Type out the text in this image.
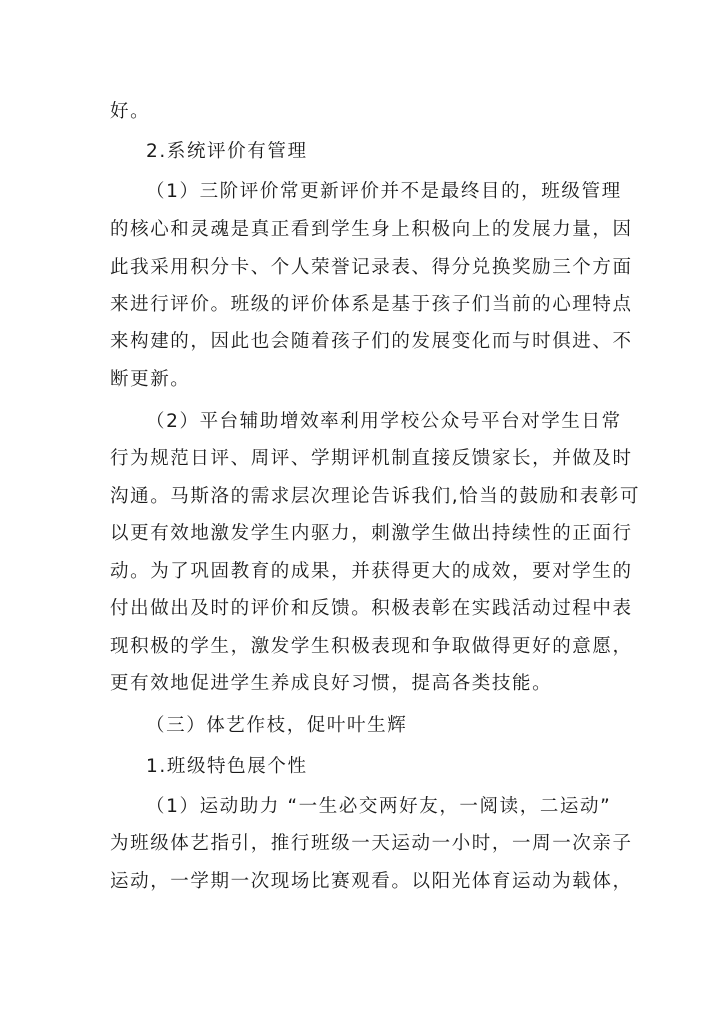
好。
2.系统评价有管理
（1）三阶评价常更新评价并不是最终目的，班级管理
的核心和灵魂是真正看到学生身上积极向上的发展力量，因
此我采用积分卡、个人荣誉记录表、得分兑换奖励三个方面
来进行评价。班级的评价体系是基于孩子们当前的心理特点
来构建的，因此也会随着孩子们的发展变化而与时俱进、不
断更新。
（2）平台辅助增效率利用学校公众号平台对学生日常
行为规范日评、周评、学期评机制直接反馈家长，并做及时
沟通。马斯洛的需求层次理论告诉我们,恰当的鼓励和表彰可
以更有效地激发学生内驱力，刺激学生做出持续性的正面行
动。为了巩固教育的成果，并获得更大的成效，要对学生的
付出做出及时的评价和反馈。积极表彰在实践活动过程中表
现积极的学生，激发学生积极表现和争取做得更好的意愿，
更有效地促进学生养成良好习惯，提高各类技能。
（三）体艺作枝，促叶叶生辉
1.班级特色展个性
（1）运动助力 “一生必交两好友，一阅读，二运动”
为班级体艺指引，推行班级一天运动一小时，一周一次亲子
运动，一学期一次现场比赛观看。以阳光体育运动为载体，
